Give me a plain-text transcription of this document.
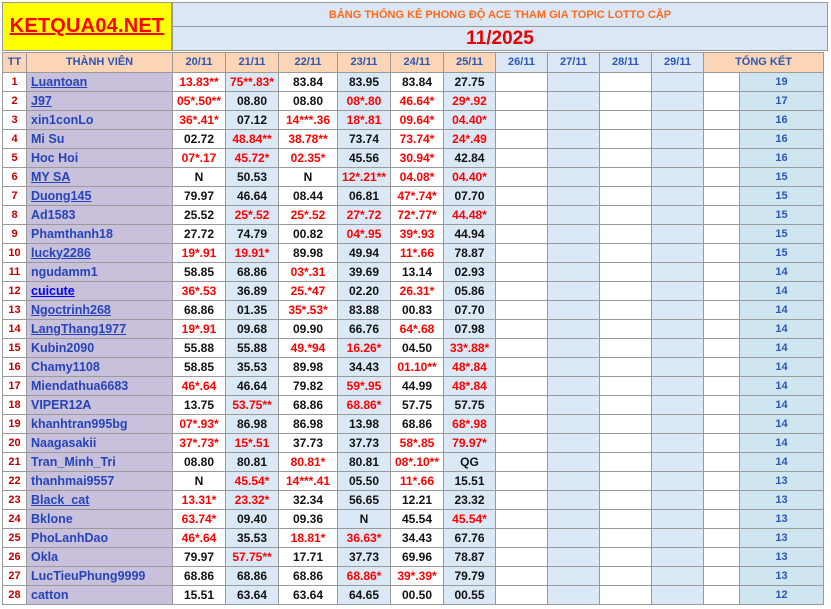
KETQUA04.NET
BẢNG THỐNG KÊ PHONG ĐỘ ACE THAM GIA TOPIC LOTTO CẶP
11/2025
TT	THÀNH VIÊN	20/11	21/11	22/11	23/11	24/11	25/11	26/11	27/11	28/11	29/11	TỔNG KẾT	
1	Luantoan	13.83**	75**.83*	83.84	83.95	83.84	27.75						19
2	J97	05*.50**	08.80	08.80	08*.80	46.64*	29*.92						17
3	xin1conLo	36*.41*	07.12	14***.36	18*.81	09.64*	04.40*						16
4	Mi Su	02.72	48.84**	38.78**	73.74	73.74*	24*.49						16
5	Hoc Hoi	07*.17	45.72*	02.35*	45.56	30.94*	42.84						16
6	MY SA	N	50.53	N	12*.21**	04.08*	04.40*						15
7	Duong145	79.97	46.64	08.44	06.81	47*.74*	07.70						15
8	Ad1583	25.52	25*.52	25*.52	27*.72	72*.77*	44.48*						15
9	Phamthanh18	27.72	74.79	00.82	04*.95	39*.93	44.94						15
10	lucky2286	19*.91	19.91*	89.98	49.94	11*.66	78.87						15
11	ngudamm1	58.85	68.86	03*.31	39.69	13.14	02.93						14
12	cuicute	36*.53	36.89	25.*47	02.20	26.31*	05.86						14
13	Ngoctrinh268	68.86	01.35	35*.53*	83.88	00.83	07.70						14
14	LangThang1977	19*.91	09.68	09.90	66.76	64*.68	07.98						14
15	Kubin2090	55.88	55.88	49.*94	16.26*	04.50	33*.88*						14
16	Chamy1108	58.85	35.53	89.98	34.43	01.10**	48*.84						14
17	Miendathua6683	46*.64	46.64	79.82	59*.95	44.99	48*.84						14
18	VIPER12A	13.75	53.75**	68.86	68.86*	57.75	57.75						14
19	khanhtran995bg	07*.93*	86.98	86.98	13.98	68.86	68*.98						14
20	Naagasakii	37*.73*	15*.51	37.73	37.73	58*.85	79.97*						14
21	Tran_Minh_Tri	08.80	80.81	80.81*	80.81	08*.10**	QG						14
22	thanhmai9557	N	45.54*	14***.41	05.50	11*.66	15.51						13
23	Black_cat	13.31*	23.32*	32.34	56.65	12.21	23.32						13
24	Bklone	63.74*	09.40	09.36	N	45.54	45.54*						13
25	PhoLanhDao	46*.64	35.53	18.81*	36.63*	34.43	67.76						13
26	Okla	79.97	57.75**	17.71	37.73	69.96	78.87						13
27	LucTieuPhung9999	68.86	68.86	68.86	68.86*	39*.39*	79.79						13
28	catton	15.51	63.64	63.64	64.65	00.50	00.55						12
